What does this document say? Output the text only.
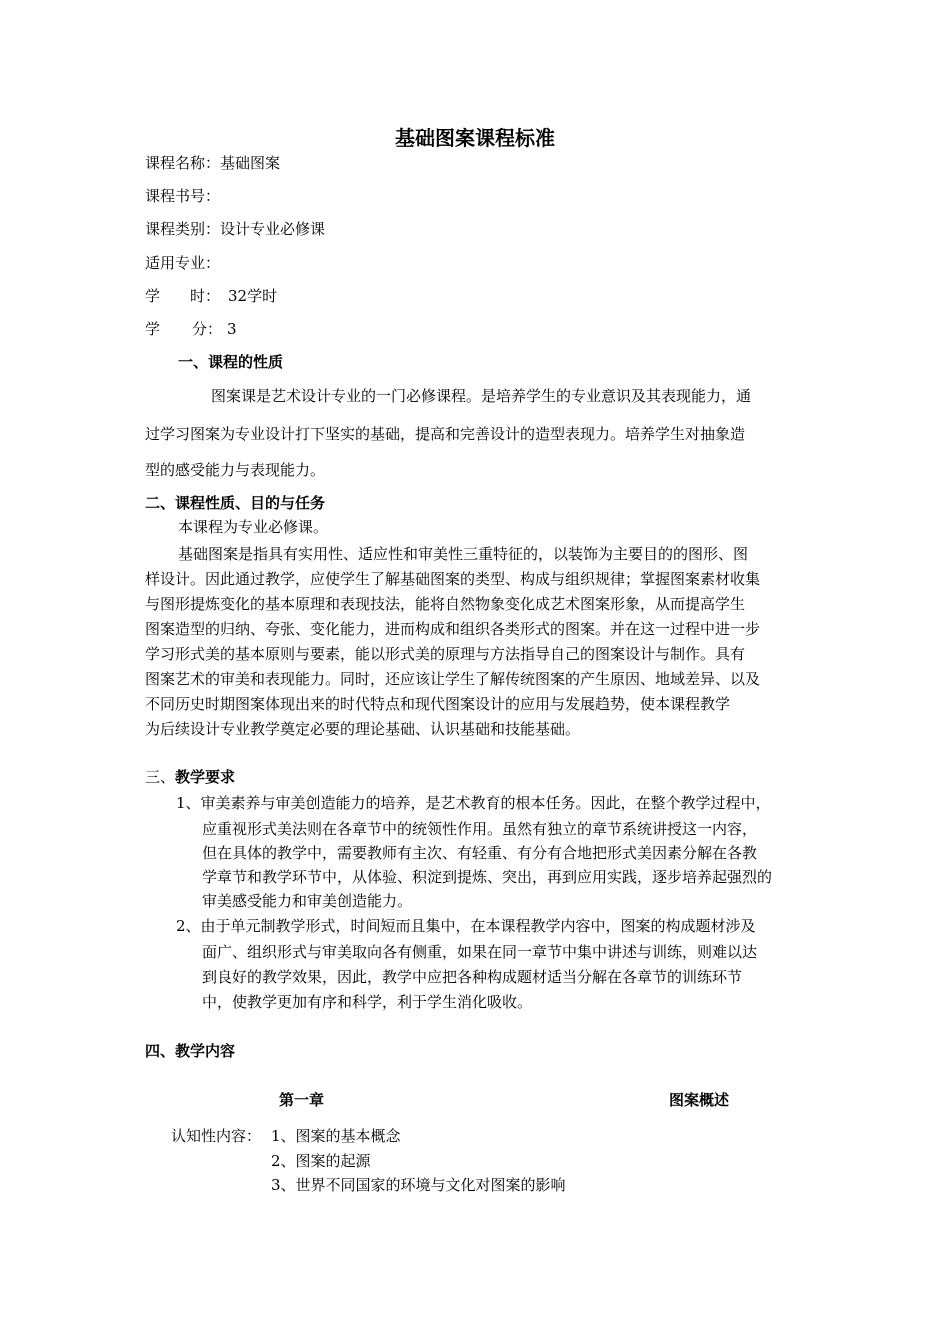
基础图案课程标准
课程名称：基础图案
课程书号：
课程类别：设计专业必修课
适用专业：
学 时： 32学时
学 分： 3
一、课程的性质
图案课是艺术设计专业的一门必修课程。是培养学生的专业意识及其表现能力，通
过学习图案为专业设计打下坚实的基础，提高和完善设计的造型表现力。培养学生对抽象造
型的感受能力与表现能力。
二、课程性质、目的与任务
本课程为专业必修课。
基础图案是指具有实用性、适应性和审美性三重特征的，以装饰为主要目的的图形、图
样设计。因此通过教学，应使学生了解基础图案的类型、构成与组织规律；掌握图案素材收集
与图形提炼变化的基本原理和表现技法，能将自然物象变化成艺术图案形象，从而提高学生
图案造型的归纳、夸张、变化能力，进而构成和组织各类形式的图案。并在这一过程中进一步
学习形式美的基本原则与要素，能以形式美的原理与方法指导自己的图案设计与制作。具有
图案艺术的审美和表现能力。同时，还应该让学生了解传统图案的产生原因、地域差异、以及
不同历史时期图案体现出来的时代特点和现代图案设计的应用与发展趋势，使本课程教学
为后续设计专业教学奠定必要的理论基础、认识基础和技能基础。
三、教学要求
1、审美素养与审美创造能力的培养，是艺术教育的根本任务。因此，在整个教学过程中，
应重视形式美法则在各章节中的统领性作用。虽然有独立的章节系统讲授这一内容，
但在具体的教学中，需要教师有主次、有轻重、有分有合地把形式美因素分解在各教
学章节和教学环节中，从体验、积淀到提炼、突出，再到应用实践，逐步培养起强烈的
审美感受能力和审美创造能力。
2、由于单元制教学形式，时间短而且集中，在本课程教学内容中，图案的构成题材涉及
面广、组织形式与审美取向各有侧重，如果在同一章节中集中讲述与训练，则难以达
到良好的教学效果，因此，教学中应把各种构成题材适当分解在各章节的训练环节
中，使教学更加有序和科学，利于学生消化吸收。
四、教学内容
第一章	图案概述
认知性内容： 1、图案的基本概念
2、图案的起源
3、世界不同国家的环境与文化对图案的影响
